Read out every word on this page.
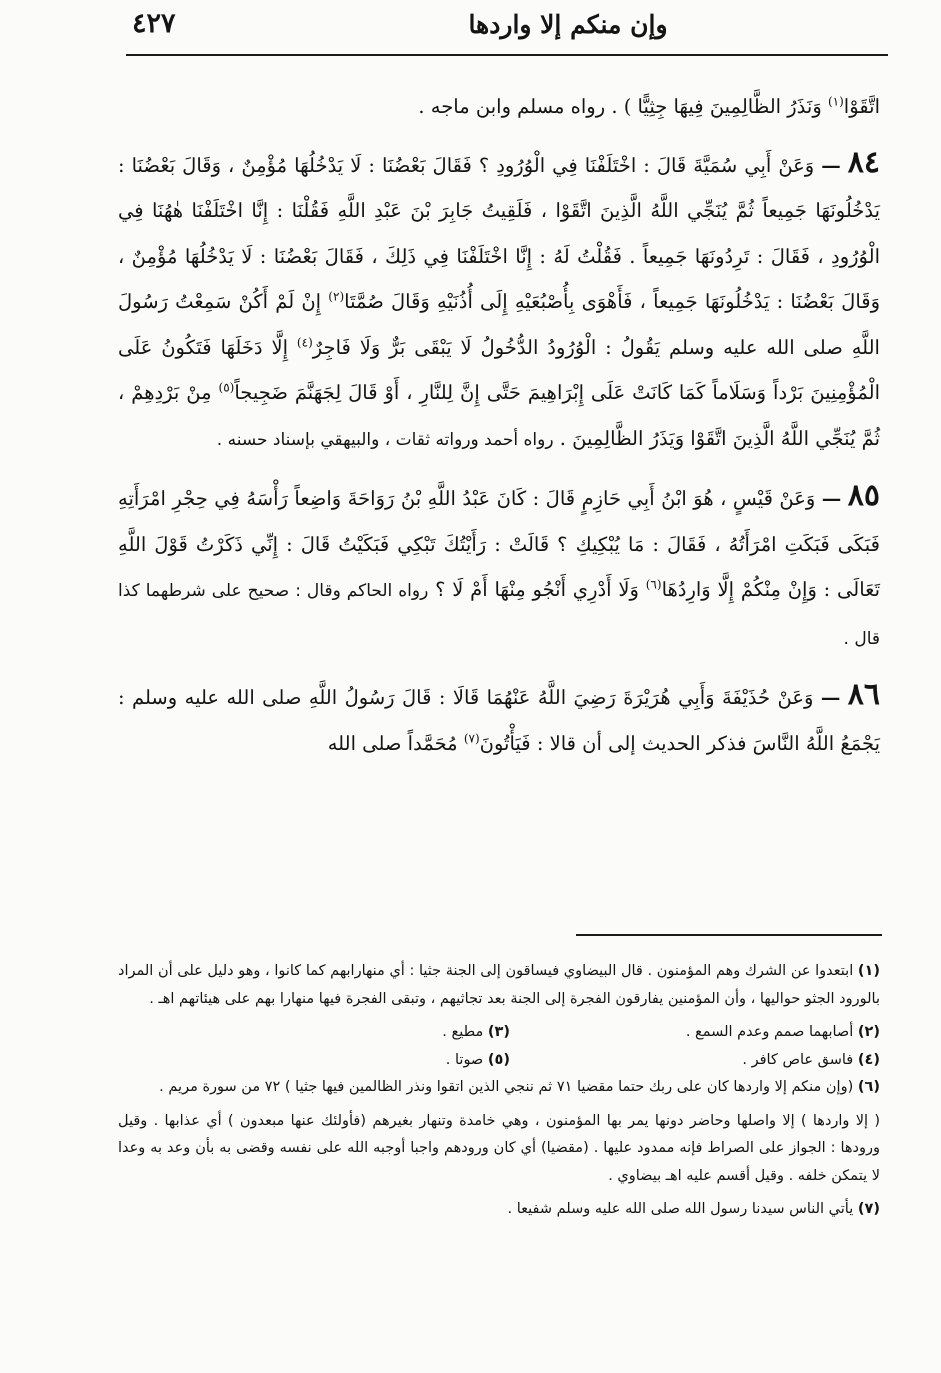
وإن منكم إلا واردها
٤٢٧

اتَّقَوْا$^{(١)}$ وَنَذَرُ الظَّالِمِينَ فِيهَا جِثِيًّا ) . رواه مسلم وابن ماجه .

٨٤ — وَعَنْ أَبِي سُمَيَّةَ قَالَ : اخْتَلَفْنَا فِي الْوُرُودِ ؟ فَقَالَ بَعْضُنَا : لَا يَدْخُلُهَا مُؤْمِنٌ ، وَقَالَ بَعْضُنَا : يَدْخُلُونَهَا جَمِيعاً ثُمَّ يُنَجِّي اللَّهُ الَّذِينَ اتَّقَوْا ، فَلَقِيتُ جَابِرَ بْنَ عَبْدِ اللَّهِ فَقُلْنَا : إِنَّا اخْتَلَفْنَا هٰهُنَا فِي الْوُرُودِ ، فَقَالَ : تَرِدُونَهَا جَمِيعاً . فَقُلْتُ لَهُ : إِنَّا اخْتَلَفْنَا فِي ذَلِكَ ، فَقَالَ بَعْضُنَا : لَا يَدْخُلُهَا مُؤْمِنٌ ، وَقَالَ بَعْضُنَا : يَدْخُلُونَهَا جَمِيعاً ، فَأَهْوَى بِأُصْبُعَيْهِ إِلَى أُذُنَيْهِ وَقَالَ صُمَّتَا$^{(٢)}$ إِنْ لَمْ أَكُنْ سَمِعْتُ رَسُولَ اللَّهِ صلى الله عليه وسلم يَقُولُ : الْوُرُودُ الدُّخُولُ لَا يَبْقَى بَرٌّ وَلَا فَاجِرٌ$^{(٤)}$ إِلَّا دَخَلَهَا فَتَكُونُ عَلَى الْمُؤْمِنِينَ بَرْداً وَسَلَاماً كَمَا كَانَتْ عَلَى إِبْرَاهِيمَ حَتَّى إِنَّ لِلنَّارِ ، أَوْ قَالَ لِجَهَنَّمَ ضَجِيجاً$^{(٥)}$ مِنْ بَرْدِهِمْ ، ثُمَّ يُنَجِّي اللَّهُ الَّذِينَ اتَّقَوْا وَيَذَرُ الظَّالِمِينَ . رواه أحمد ورواته ثقات ، والبيهقي بإسناد حسنه .

٨٥ — وَعَنْ قَيْسٍ ، هُوَ ابْنُ أَبِي حَازِمٍ قَالَ : كَانَ عَبْدُ اللَّهِ بْنُ رَوَاحَةَ وَاضِعاً رَأْسَهُ فِي حِجْرِ امْرَأَتِهِ فَبَكَى فَبَكَتِ امْرَأَتُهُ ، فَقَالَ : مَا يُبْكِيكِ ؟ قَالَتْ : رَأَيْتُكَ تَبْكِي فَبَكَيْتُ قَالَ : إِنِّي ذَكَرْتُ قَوْلَ اللَّهِ تَعَالَى : وَإِنْ مِنْكُمْ إِلَّا وَارِدُهَا$^{(٦)}$ وَلَا أَدْرِي أَنْجُو مِنْهَا أَمْ لَا ؟ رواه الحاكم وقال : صحيح على شرطهما كذا قال .

٨٦ — وَعَنْ حُذَيْفَةَ وَأَبِي هُرَيْرَةَ رَضِيَ اللَّهُ عَنْهُمَا قَالَا : قَالَ رَسُولُ اللَّهِ صلى الله عليه وسلم : يَجْمَعُ اللَّهُ النَّاسَ فذكر الحديث إلى أن قالا : فَيَأْتُونَ$^{(٧)}$ مُحَمَّداً صلى الله

(١) ابتعدوا عن الشرك وهم المؤمنون . قال البيضاوي فيساقون إلى الجنة جثيا : أي منهارابهم كما كانوا ، وهو دليل على أن المراد بالورود الجثو حواليها ، وأن المؤمنين يفارقون الفجرة إلى الجنة بعد تجاثيهم ، وتبقى الفجرة فيها منهارا بهم على هيئاتهم اهـ .

(٢) أصابهما صمم وعدم السمع .
(٣) مطيع .
(٤) فاسق عاص كافر .
(٥) صوتا .

(٦) (وإن منكم إلا واردها كان على ربك حتما مقضيا ٧١ ثم ننجي الذين اتقوا ونذر الظالمين فيها جثيا ) ٧٢ من سورة مريم .

( إلا واردها ) إلا واصلها وحاضر دونها يمر بها المؤمنون ، وهي خامدة وتنهار بغيرهم (فأولئك عنها مبعدون ) أي عذابها . وقيل ورودها : الجواز على الصراط فإنه ممدود عليها . (مقضيا) أي كان ورودهم واجبا أوجبه الله على نفسه وقضى به بأن وعد به وعدا لا يتمكن خلفه . وقيل أقسم عليه اهـ بيضاوي .

(٧) يأتي الناس سيدنا رسول الله صلى الله عليه وسلم شفيعا .
